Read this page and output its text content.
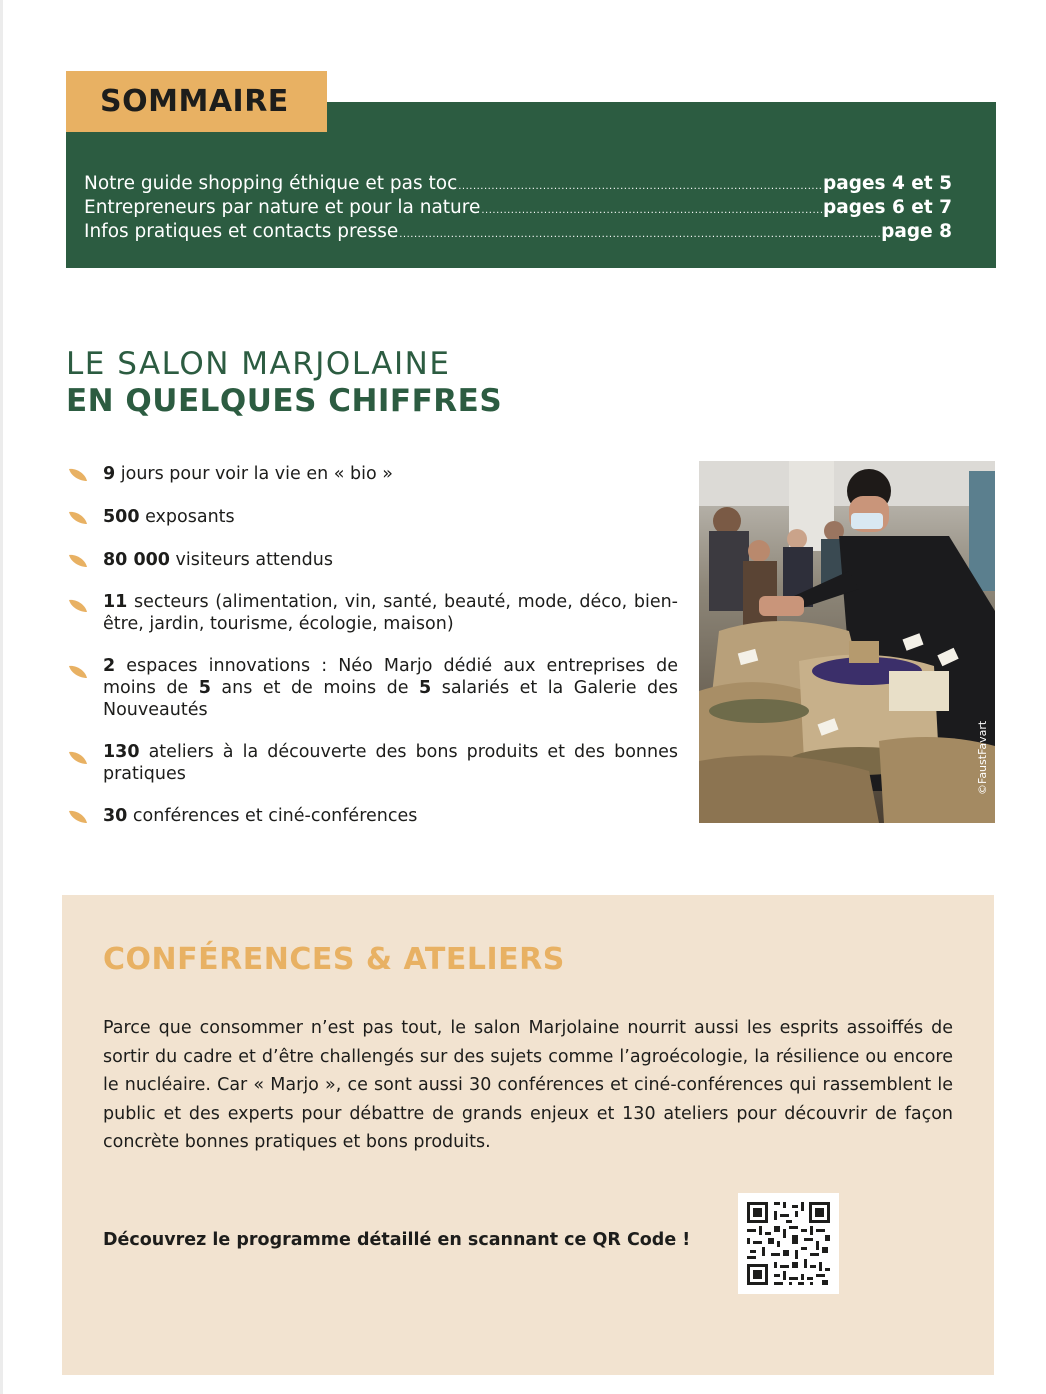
SOMMAIRE
Notre guide shopping éthique et pas toc .....	pages 4 et 5
Entrepreneurs par nature et pour la nature .....	pages 6 et 7
Infos pratiques et contacts presse .....	page 8
LE SALON MARJOLAINE
EN QUELQUES CHIFFRES
9 jours pour voir la vie en « bio »
500 exposants
80 000 visiteurs attendus
11 secteurs (alimentation, vin, santé, beauté, mode, déco, bien-être, jardin, tourisme, écologie, maison)
2 espaces innovations : Néo Marjo dédié aux entreprises de moins de 5 ans et de moins de 5 salariés et la Galerie des Nouveautés
130 ateliers à la découverte des bons produits et des bonnes pratiques
30 conférences et ciné-conférences
©FaustFavart
CONFÉRENCES & ATELIERS
Parce que consommer n’est pas tout, le salon Marjolaine nourrit aussi les esprits assoiffés de sortir du cadre et d’être challengés sur des sujets comme l’agroécologie, la résilience ou encore le nucléaire. Car « Marjo », ce sont aussi 30 conférences et ciné-conférences qui rassemblent le public et des experts pour débattre de grands enjeux et 130 ateliers pour découvrir de façon concrète bonnes pratiques et bons produits.
Découvrez le programme détaillé en scannant ce QR Code !
